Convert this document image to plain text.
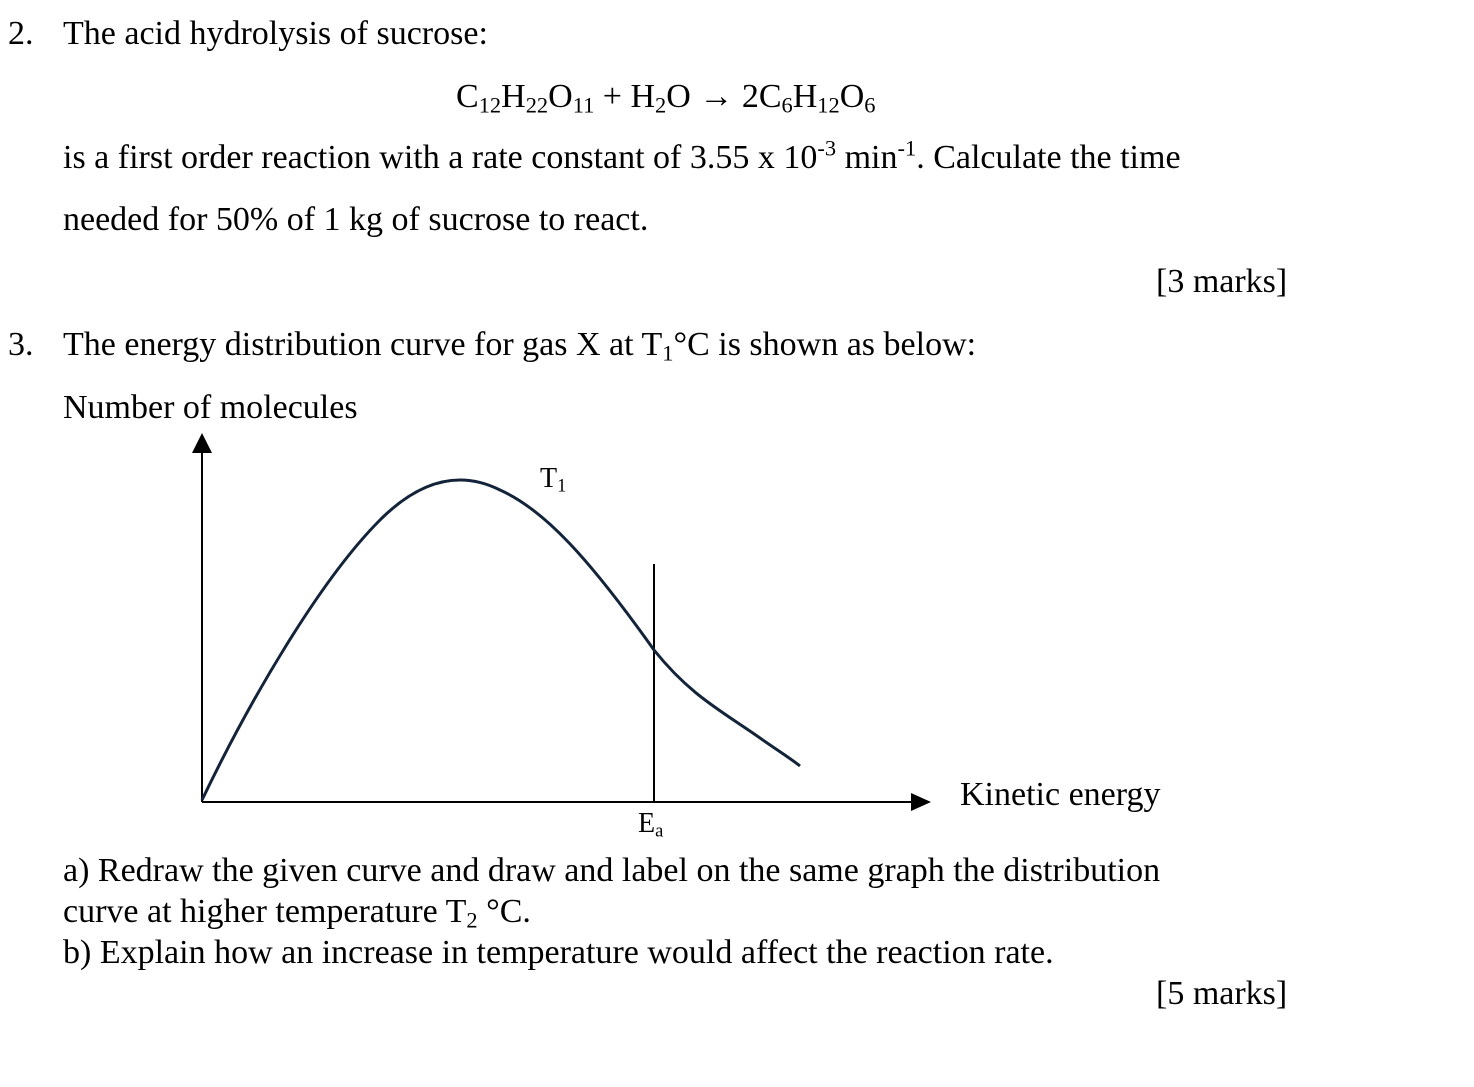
2. The acid hydrolysis of sucrose:
$C_{12}H_{22}O_{11} + H_2O \to 2C_6H_{12}O_6$
is a first order reaction with a rate constant of 3.55 x $10^{-3}$ $\min^{-1}$. Calculate the time
needed for 50% of 1 kg of sucrose to react.
[3 marks]
3. The energy distribution curve for gas X at $T_1^\circ C$ is shown as below:
Number of molecules
$T_1$
$E_a$
Kinetic energy
a) Redraw the given curve and draw and label on the same graph the distribution
curve at higher temperature $T_2$ °C.
b) Explain how an increase in temperature would affect the reaction rate.
[5 marks]
